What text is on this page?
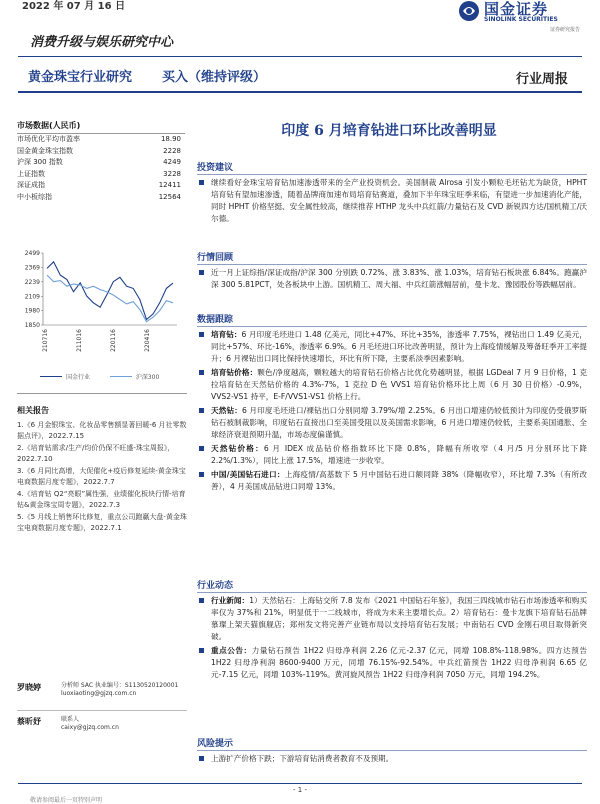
2022 年 07 月 16 日	国金证券
SINOLINK SECURITIES
证券研究报告
消费升级与娱乐研究中心
黄金珠宝行业研究 买入（维持评级）	行业周报
市场数据(人民币)
市场优化平均市盈率	18.90
国金黄金珠宝指数	2228
沪深 300 指数	4249
上证指数	3228
深证成指	12411
中小板综指	12564
1850
1980
2109
2239
2369
2499
210716	211016	220116	220416
国金行业	沪深300
相关报告
1.《6 月金银珠宝、化妆品零售额显著回暖-6 月社零数据点评》，2022.7.15
2.《培育钻需求/生产/均价仍保不旺盛-珠宝周报》，2022.7.10
3.《6 月同比高增，大促催化+疫后修复延续-黄金珠宝电商数据月度专题》，2022.7.7
4.《培育钻 Q2“亮眼”属性强，业绩催化板块行情-培育钻&黄金珠宝周专题》，2022.7.3
5.《5 月线上销售环比修复，重点公司跑赢大盘-黄金珠宝电商数据月度专题》，2022.7.1
罗晓婷	分析师 SAC 执业编号：S1130520120001
luoxiaoting@gjzq.com.cn
蔡昕妤	联系人
caixy@gjzq.com.cn
印度 6 月培育钻进口环比改善明显
投资建议
继续看好金珠宝培育钻加速渗透带来的全产业投资机会。美国制裁 Alrosa 引发小颗粒毛坯钻尤为缺货，HPHT 培育钻有望加速渗透，随着品牌商加速布局培育钻赛道，叠加下半年珠宝旺季来临，有望进一步加速消化产能，同时 HPHT 价格坚挺、安全属性较高，继续推荐 HTHP 龙头中兵红箭/力量钻石及 CVD 新锐四方达/国机精工/沃尔德。
行情回顾
近一月上证综指/深证成指/沪深 300 分别跌 0.72%、涨 3.83%、涨 1.03%，培育钻石板块涨 6.84%。跑赢沪深 300 5.81PCT，处各板块中上游。国机精工、周大福、中兵红箭涨幅居前，曼卡龙、豫园股份等跌幅居前。
数据跟踪
培育钻：6 月印度毛坯进口 1.48 亿美元，同比+47%、环比+35%，渗透率 7.75%，裸钻出口 1.49 亿美元，同比+57%、环比-16%，渗透率 6.9%。6 月毛坯进口环比改善明显，预计为上海疫情缓解及筹备旺季开工率提升；6 月裸钻出口同比保持快速增长，环比有所下降，主要系淡季因素影响。
培育钻价格：颗色/净度越高，颗粒越大的培育钻石价格占比优化势越明显，根据 LGDeal 7 月 9 日价格，1 克拉培育钻在天然钻价格的 4.3%-7%，1 克拉 D 色 VVS1 培育钻价格环比上周（6 月 30 日价格）-0.9%，VVS2-VS1 持平，E-F/VVS1-VS1 价格上行。
天然钻：6 月印度毛坯进口/裸钻出口分别同增 3.79%/增 2.25%。6 月出口增速仍较低预计为印度仍受俄罗斯钻石被制裁影响，印度钻石直接出口至美国受阻以及美国需求影响，6 月进口增速仍较低，主要系美国通胀、全球经济衰退预期升温，市场态度偏谨慎。
天然钻价格：6 月 IDEX 成品钻价格指数环比下降 0.8%，降幅有所收窄（4 月/5 月分别环比下降 2.2%/1.3%），同比上涨 17.5%，增速进一步收窄。
中国/美国钻石进口：上海疫情/高基数下 5 月中国钻石进口额同降 38%（降幅收窄），环比增 7.3%（有所改善），4 月美国成品钻进口同增 13%。
行业动态
行业新闻：1）天然钻石：上海钻交所 7.8 发布《2021 中国钻石年鉴》，我国三四线城市钻石市场渗透率和购买率仅为 37%和 21%，明显低于一二线城市，将成为未来主要增长点。2）培育钻石：曼卡龙旗下培育钻石品牌慕璨上架天猫旗舰店；郑州发文将完善产业链布局以支持培育钻石发展；中南钻石 CVD 金刚石项目取得新突破。
重点公告：力量钻石预告 1H22 归母净利润 2.26 亿元-2.37 亿元，同增 108.8%-118.98%。四方达预告 1H22 归母净利润 8600-9400 万元，同增 76.15%-92.54%。中兵红箭预告 1H22 归母净利润 6.65 亿元-7.15 亿元，同增 103%-119%。黄河旋风预告 1H22 归母净利润 7050 万元，同增 194.2%。
风险提示
上游扩产价格下跌；下游培育钻消费者教育不及预期。
- 1 -
敬请参阅最后一页特别声明
